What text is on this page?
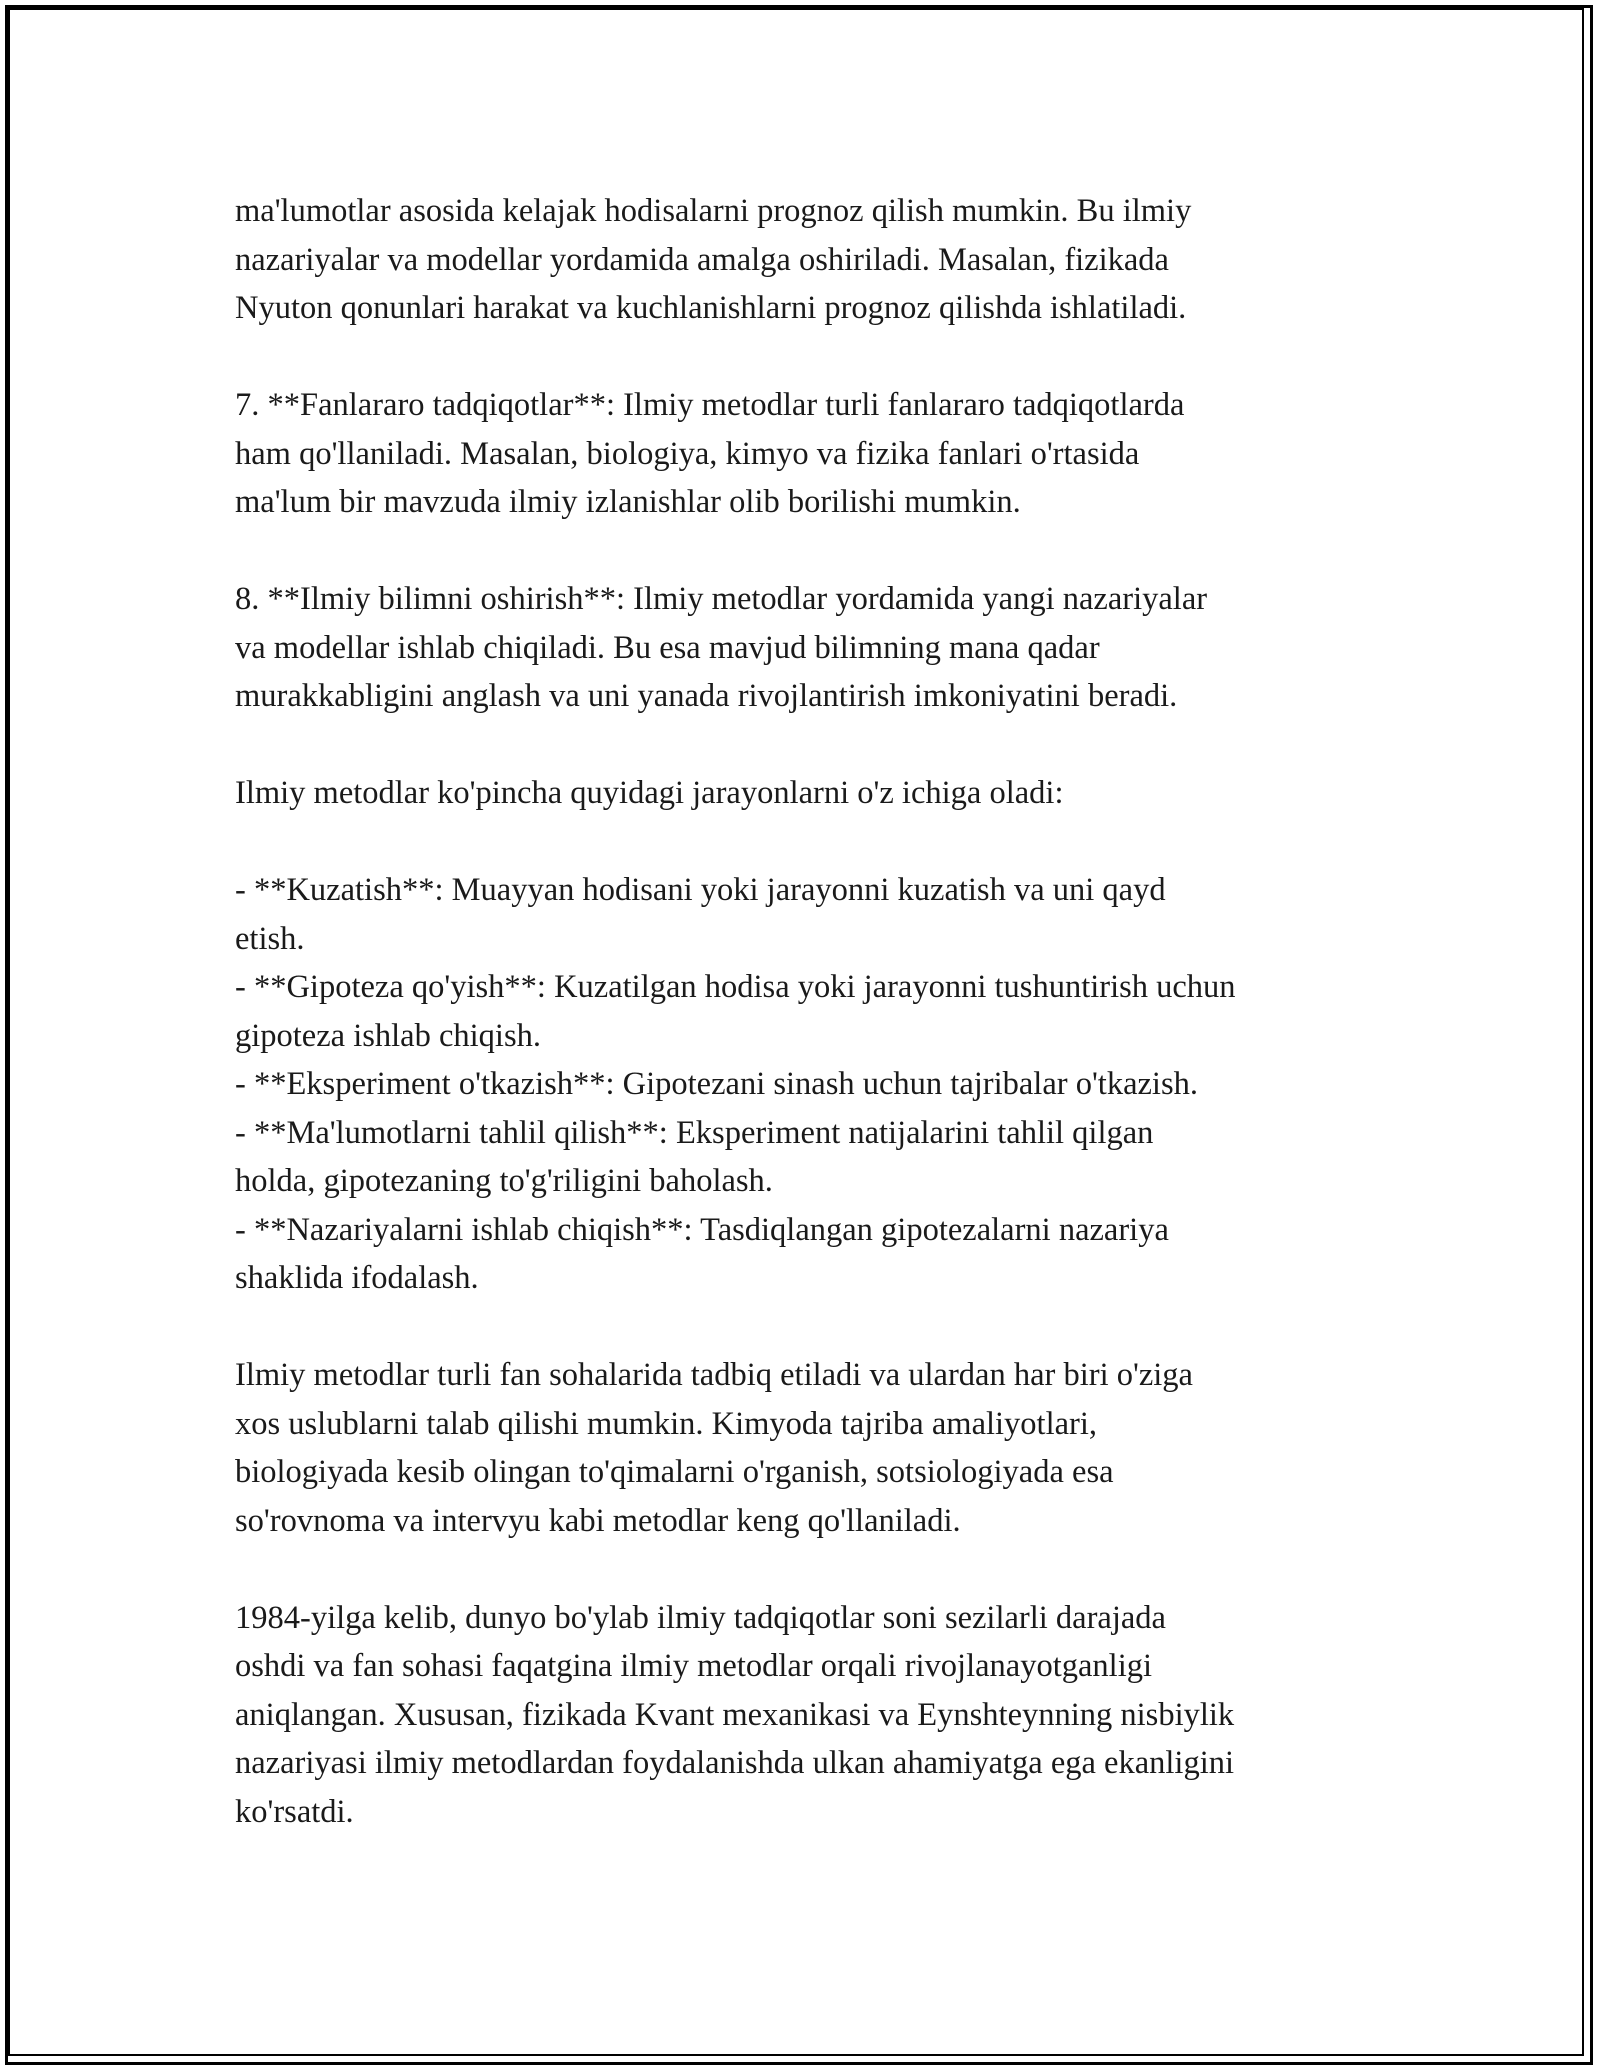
ma'lumotlar asosida kelajak hodisalarni prognoz qilish mumkin. Bu ilmiy
nazariyalar va modellar yordamida amalga oshiriladi. Masalan, fizikada
Nyuton qonunlari harakat va kuchlanishlarni prognoz qilishda ishlatiladi.

7. **Fanlararo tadqiqotlar**: Ilmiy metodlar turli fanlararo tadqiqotlarda
ham qo'llaniladi. Masalan, biologiya, kimyo va fizika fanlari o'rtasida
ma'lum bir mavzuda ilmiy izlanishlar olib borilishi mumkin.

8. **Ilmiy bilimni oshirish**: Ilmiy metodlar yordamida yangi nazariyalar
va modellar ishlab chiqiladi. Bu esa mavjud bilimning mana qadar
murakkabligini anglash va uni yanada rivojlantirish imkoniyatini beradi.

Ilmiy metodlar ko'pincha quyidagi jarayonlarni o'z ichiga oladi:

- **Kuzatish**: Muayyan hodisani yoki jarayonni kuzatish va uni qayd
etish.
- **Gipoteza qo'yish**: Kuzatilgan hodisa yoki jarayonni tushuntirish uchun
gipoteza ishlab chiqish.
- **Eksperiment o'tkazish**: Gipotezani sinash uchun tajribalar o'tkazish.
- **Ma'lumotlarni tahlil qilish**: Eksperiment natijalarini tahlil qilgan
holda, gipotezaning to'g'riligini baholash.
- **Nazariyalarni ishlab chiqish**: Tasdiqlangan gipotezalarni nazariya
shaklida ifodalash.

Ilmiy metodlar turli fan sohalarida tadbiq etiladi va ulardan har biri o'ziga
xos uslublarni talab qilishi mumkin. Kimyoda tajriba amaliyotlari,
biologiyada kesib olingan to'qimalarni o'rganish, sotsiologiyada esa
so'rovnoma va intervyu kabi metodlar keng qo'llaniladi.

1984-yilga kelib, dunyo bo'ylab ilmiy tadqiqotlar soni sezilarli darajada
oshdi va fan sohasi faqatgina ilmiy metodlar orqali rivojlanayotganligi
aniqlangan. Xususan, fizikada Kvant mexanikasi va Eynshteynning nisbiylik
nazariyasi ilmiy metodlardan foydalanishda ulkan ahamiyatga ega ekanligini
ko'rsatdi.
